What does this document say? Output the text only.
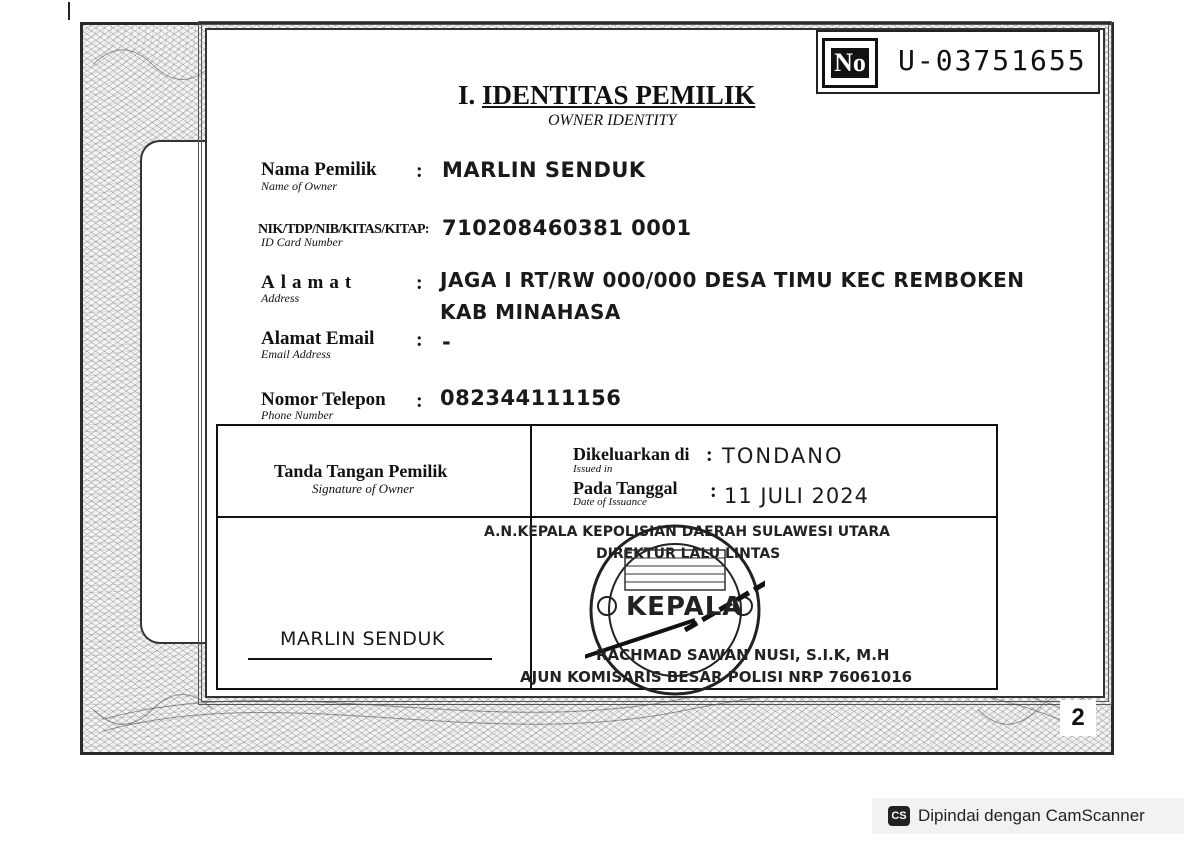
No U-03751655
I. IDENTITAS PEMILIK
OWNER IDENTITY
Nama Pemilik
Name of Owner
: MARLIN SENDUK
NIK/TDP/NIB/KITAS/KITAP:
ID Card Number
710208460381 0001
Alamat
Address
: JAGA I RT/RW 000/000 DESA TIMU KEC REMBOKEN
KAB MINAHASA
Alamat Email
Email Address
: -
Nomor Telepon
Phone Number
: 082344111156
Tanda Tangan Pemilik
Signature of Owner
Dikeluarkan di
Issued in
: TONDANO
Pada Tanggal
Date of Issuance	: 11 JULI 2024
A.N.KEPALA KEPOLISIAN DAERAH SULAWESI UTARA
DIREKTUR LALU LINTAS
KEPALA
MARLIN SENDUK
RACHMAD SAWAN NUSI, S.I.K, M.H
AJUN KOMISARIS BESAR POLISI NRP 76061016
2
CS Dipindai dengan CamScanner
